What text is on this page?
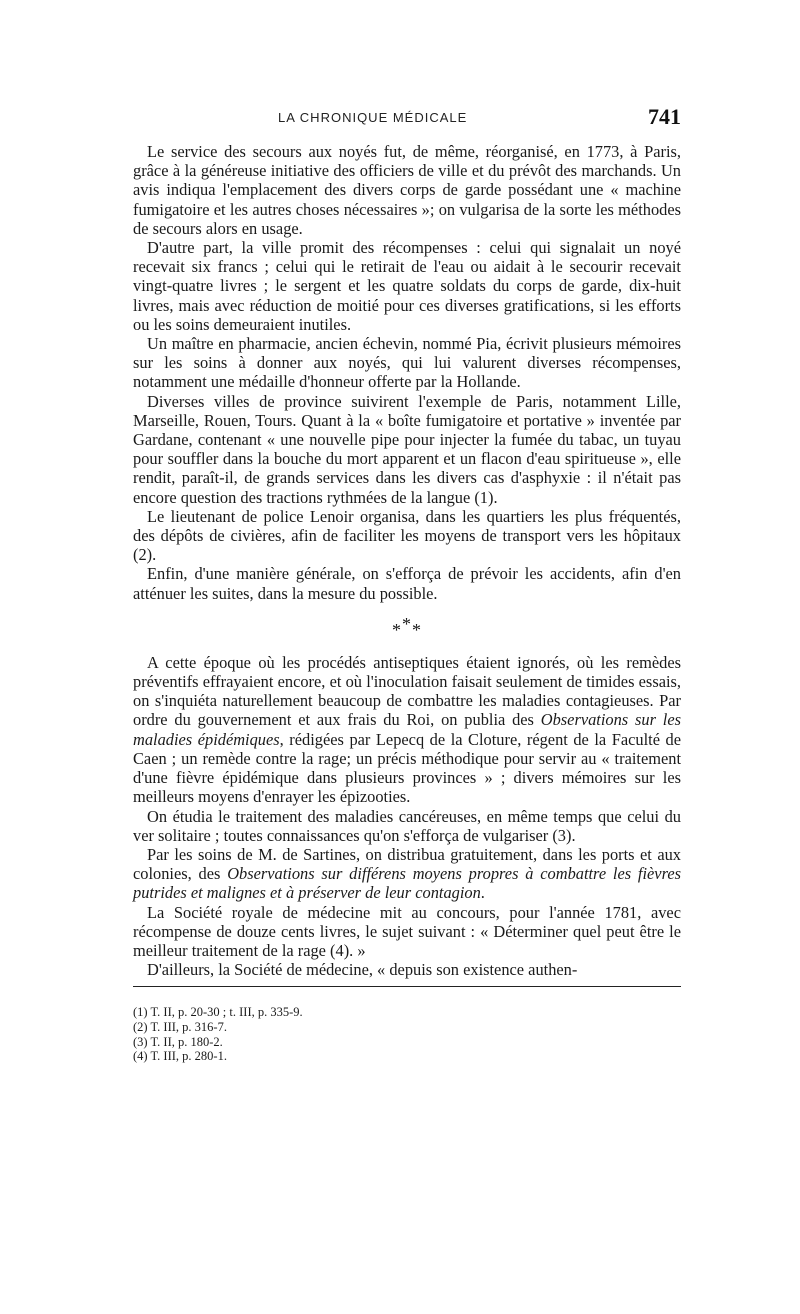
LA CHRONIQUE MÉDICALE	741

Le service des secours aux noyés fut, de même, réorganisé, en 1773, à Paris, grâce à la généreuse initiative des officiers de ville et du prévôt des marchands. Un avis indiqua l'emplacement des divers corps de garde possédant une « machine fumigatoire et les autres choses nécessaires »; on vulgarisa de la sorte les méthodes de secours alors en usage.

D'autre part, la ville promit des récompenses : celui qui signalait un noyé recevait six francs ; celui qui le retirait de l'eau ou aidait à le secourir recevait vingt-quatre livres ; le sergent et les quatre soldats du corps de garde, dix-huit livres, mais avec réduction de moitié pour ces diverses gratifications, si les efforts ou les soins demeuraient inutiles.

Un maître en pharmacie, ancien échevin, nommé Pia, écrivit plusieurs mémoires sur les soins à donner aux noyés, qui lui valurent diverses récompenses, notamment une médaille d'honneur offerte par la Hollande.

Diverses villes de province suivirent l'exemple de Paris, notamment Lille, Marseille, Rouen, Tours. Quant à la « boîte fumigatoire et portative » inventée par Gardane, contenant « une nouvelle pipe pour injecter la fumée du tabac, un tuyau pour souffler dans la bouche du mort apparent et un flacon d'eau spiritueuse », elle rendit, paraît-il, de grands services dans les divers cas d'asphyxie : il n'était pas encore question des tractions rythmées de la langue (1).

Le lieutenant de police Lenoir organisa, dans les quartiers les plus fréquentés, des dépôts de civières, afin de faciliter les moyens de transport vers les hôpitaux (2).

Enfin, d'une manière générale, on s'efforça de prévoir les accidents, afin d'en atténuer les suites, dans la mesure du possible.

***

A cette époque où les procédés antiseptiques étaient ignorés, où les remèdes préventifs effrayaient encore, et où l'inoculation faisait seulement de timides essais, on s'inquiéta naturellement beaucoup de combattre les maladies contagieuses. Par ordre du gouvernement et aux frais du Roi, on publia des Observations sur les maladies épidémiques, rédigées par Lepecq de la Cloture, régent de la Faculté de Caen ; un remède contre la rage; un précis méthodique pour servir au « traitement d'une fièvre épidémique dans plusieurs provinces » ; divers mémoires sur les meilleurs moyens d'enrayer les épizooties.

On étudia le traitement des maladies cancéreuses, en même temps que celui du ver solitaire ; toutes connaissances qu'on s'efforça de vulgariser (3).

Par les soins de M. de Sartines, on distribua gratuitement, dans les ports et aux colonies, des Observations sur différens moyens propres à combattre les fièvres putrides et malignes et à préserver de leur contagion.

La Société royale de médecine mit au concours, pour l'année 1781, avec récompense de douze cents livres, le sujet suivant : « Déterminer quel peut être le meilleur traitement de la rage (4). »

D'ailleurs, la Société de médecine, « depuis son existence authen-

(1) T. II, p. 20-30 ; t. III, p. 335-9.
(2) T. III, p. 316-7.
(3) T. II, p. 180-2.
(4) T. III, p. 280-1.
